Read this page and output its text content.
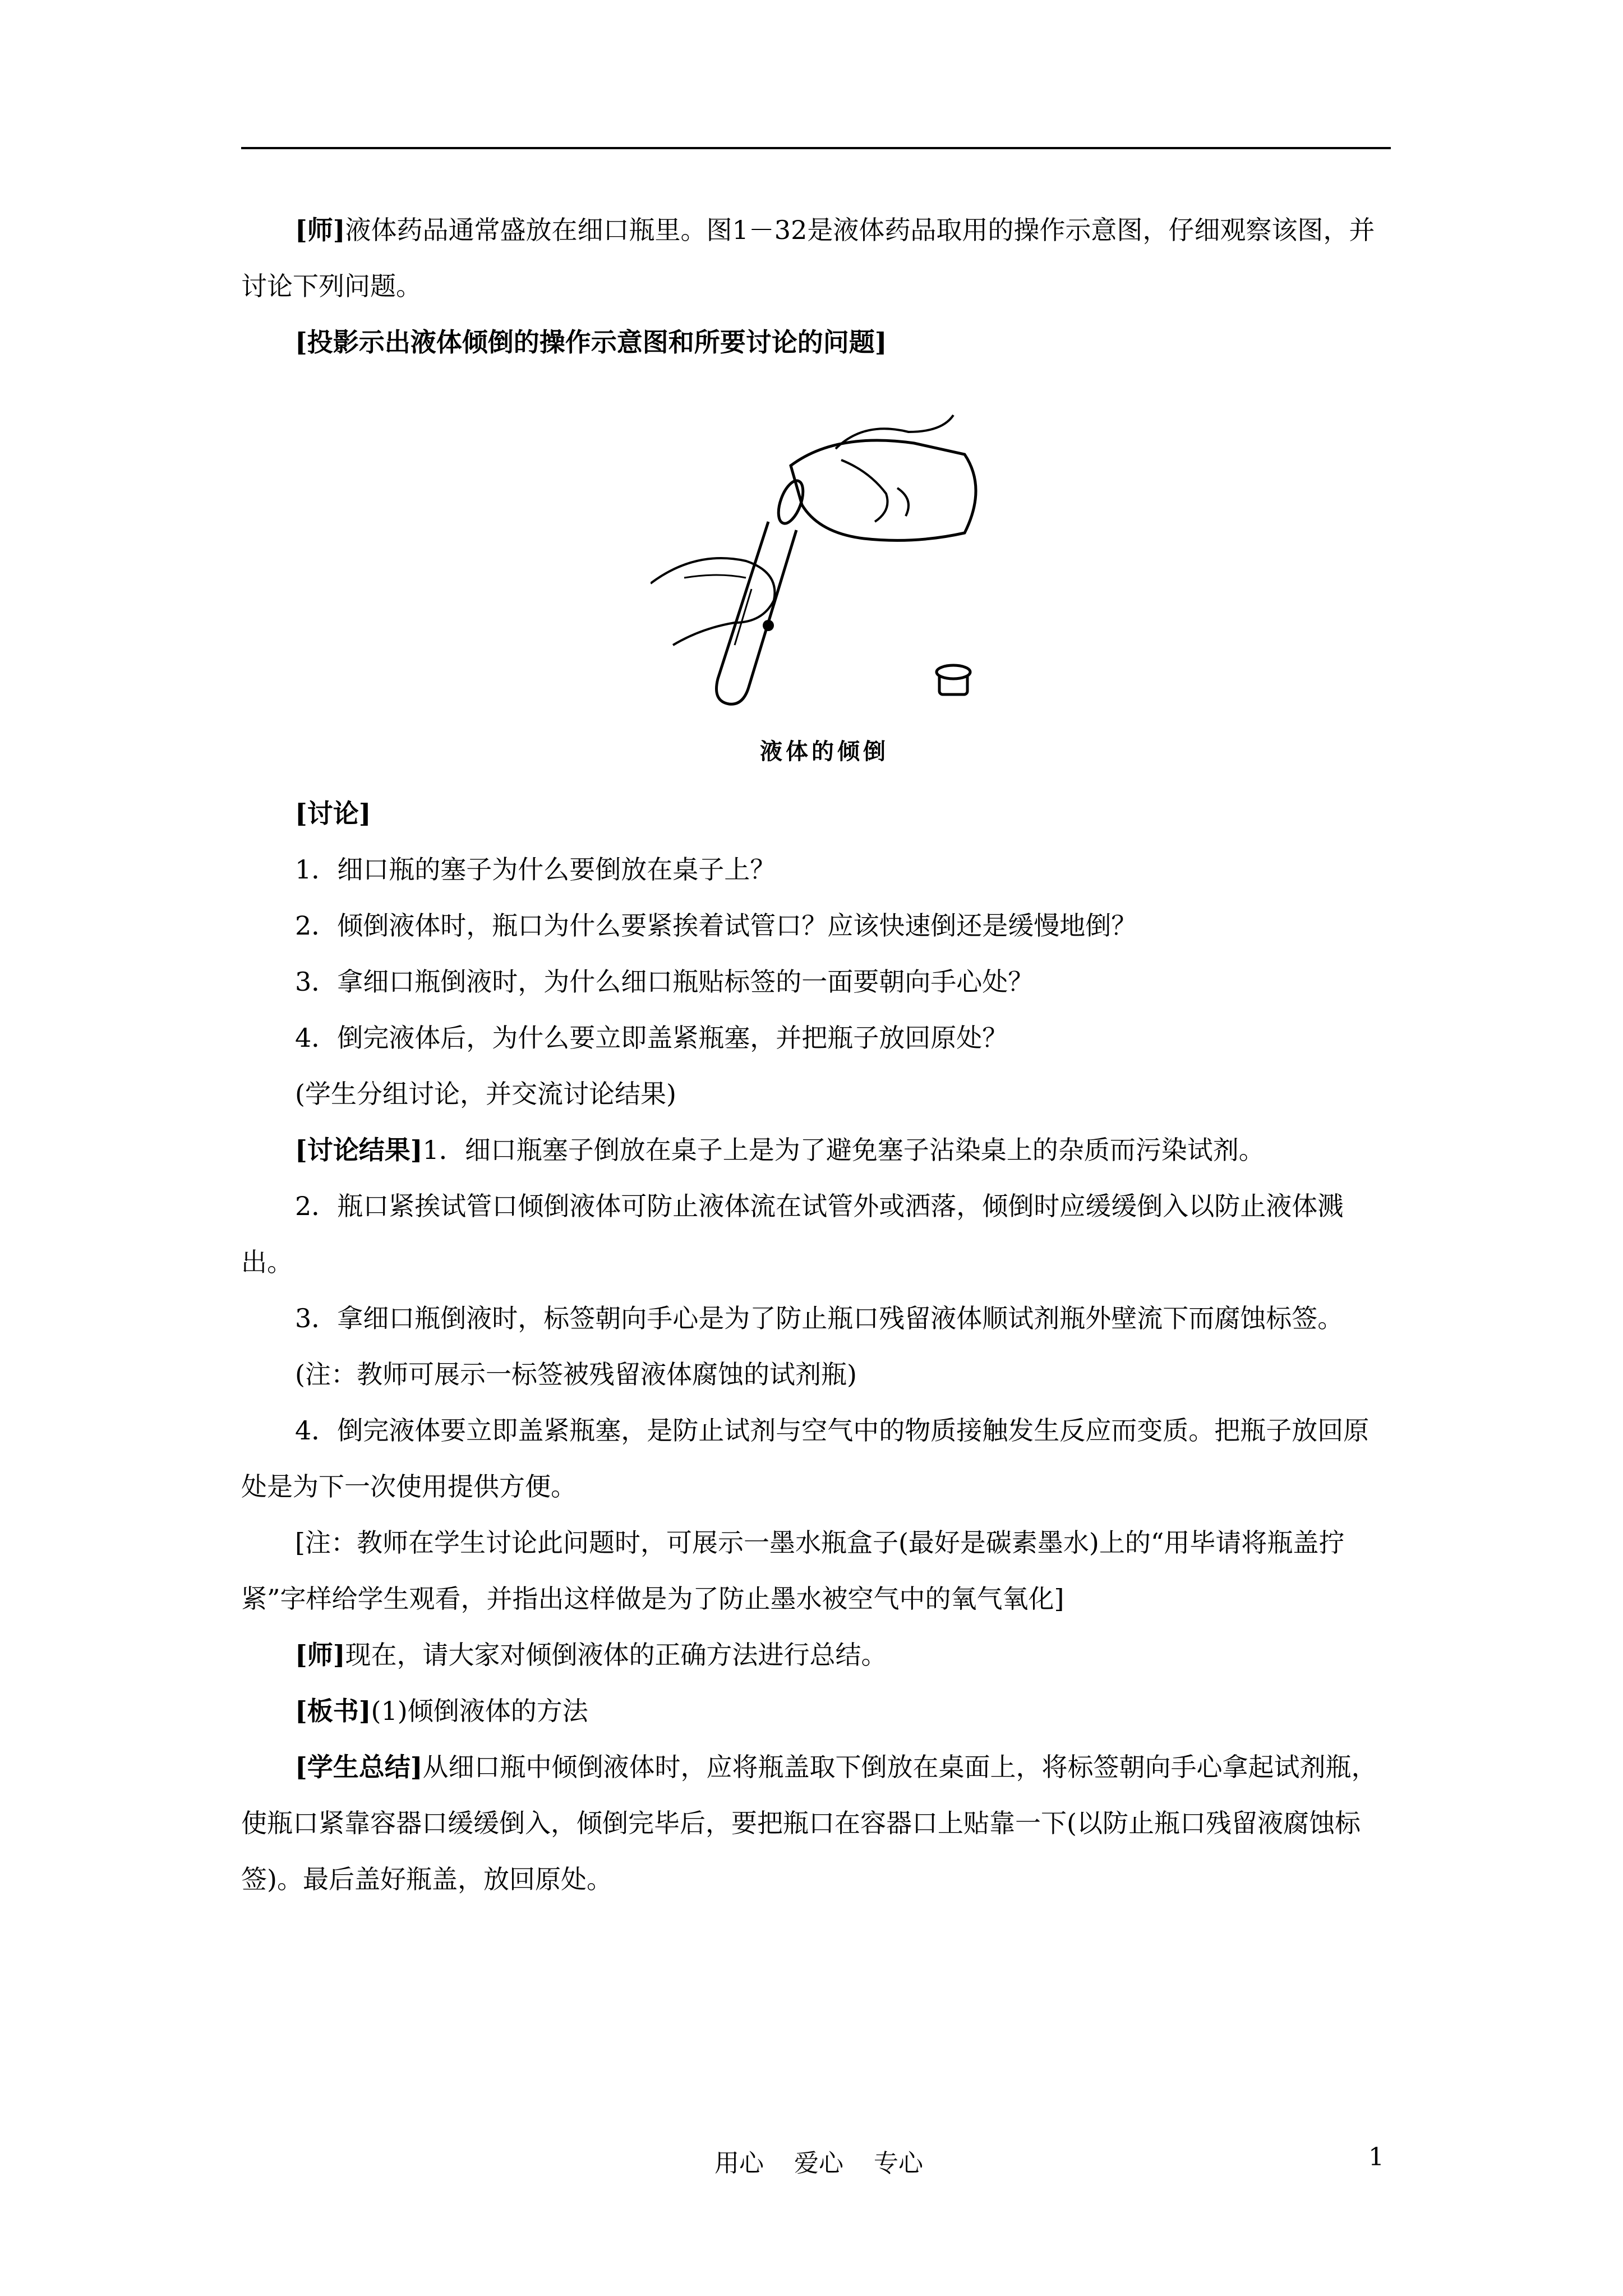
[师]液体药品通常盛放在细口瓶里。图1－32是液体药品取用的操作示意图，仔细观察该图，并讨论下列问题。

[投影示出液体倾倒的操作示意图和所要讨论的问题]

液体的倾倒

[讨论]

1．细口瓶的塞子为什么要倒放在桌子上？

2．倾倒液体时，瓶口为什么要紧挨着试管口？应该快速倒还是缓慢地倒？

3．拿细口瓶倒液时，为什么细口瓶贴标签的一面要朝向手心处？

4．倒完液体后，为什么要立即盖紧瓶塞，并把瓶子放回原处？

(学生分组讨论，并交流讨论结果)

[讨论结果]1．细口瓶塞子倒放在桌子上是为了避免塞子沾染桌上的杂质而污染试剂。

2．瓶口紧挨试管口倾倒液体可防止液体流在试管外或洒落，倾倒时应缓缓倒入以防止液体溅出。

3．拿细口瓶倒液时，标签朝向手心是为了防止瓶口残留液体顺试剂瓶外壁流下而腐蚀标签。

(注：教师可展示一标签被残留液体腐蚀的试剂瓶)

4．倒完液体要立即盖紧瓶塞，是防止试剂与空气中的物质接触发生反应而变质。把瓶子放回原处是为下一次使用提供方便。

[注：教师在学生讨论此问题时，可展示一墨水瓶盒子(最好是碳素墨水)上的“用毕请将瓶盖拧紧”字样给学生观看，并指出这样做是为了防止墨水被空气中的氧气氧化]

[师]现在，请大家对倾倒液体的正确方法进行总结。

[板书](1)倾倒液体的方法

[学生总结]从细口瓶中倾倒液体时，应将瓶盖取下倒放在桌面上，将标签朝向手心拿起试剂瓶，使瓶口紧靠容器口缓缓倒入，倾倒完毕后，要把瓶口在容器口上贴靠一下(以防止瓶口残留液腐蚀标签)。最后盖好瓶盖，放回原处。

用心 爱心 专心	1
